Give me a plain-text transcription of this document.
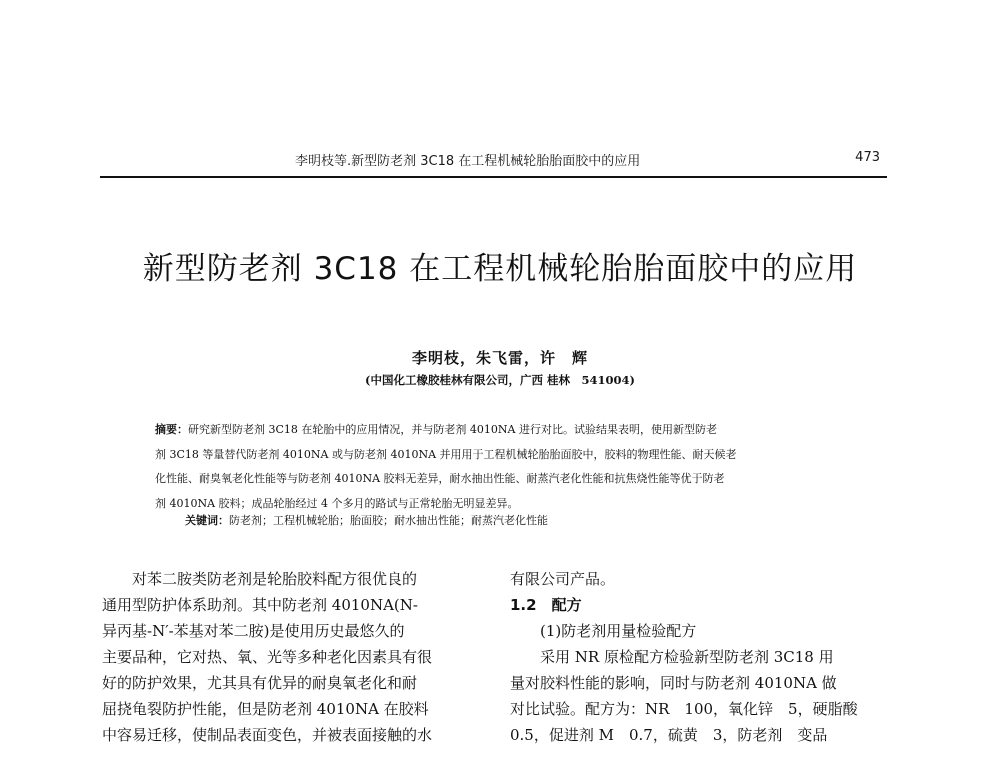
李明枝等.新型防老剂 3C18 在工程机械轮胎胎面胶中的应用	473
新型防老剂 3C18 在工程机械轮胎胎面胶中的应用
李明枝，朱飞雷，许　辉
(中国化工橡胶桂林有限公司，广西 桂林　541004)
摘要：研究新型防老剂 3C18 在轮胎中的应用情况，并与防老剂 4010NA 进行对比。试验结果表明，使用新型防老
剂 3C18 等量替代防老剂 4010NA 或与防老剂 4010NA 并用用于工程机械轮胎胎面胶中，胶料的物理性能、耐天候老
化性能、耐臭氧老化性能等与防老剂 4010NA 胶料无差异，耐水抽出性能、耐蒸汽老化性能和抗焦烧性能等优于防老
剂 4010NA 胶料；成品轮胎经过 4 个多月的路试与正常轮胎无明显差异。
关键词：防老剂；工程机械轮胎；胎面胶；耐水抽出性能；耐蒸汽老化性能
对苯二胺类防老剂是轮胎胶料配方很优良的
通用型防护体系助剂。其中防老剂 4010NA(N-
异丙基-N′-苯基对苯二胺)是使用历史最悠久的
主要品种，它对热、氧、光等多种老化因素具有很
好的防护效果，尤其具有优异的耐臭氧老化和耐
屈挠龟裂防护性能，但是防老剂 4010NA 在胶料
中容易迁移，使制品表面变色，并被表面接触的水
有限公司产品。
1.2　配方
(1)防老剂用量检验配方
采用 NR 原检配方检验新型防老剂 3C18 用
量对胶料性能的影响，同时与防老剂 4010NA 做
对比试验。配方为：NR　100，氧化锌　5，硬脂酸
0.5，促进剂 M　0.7，硫黄　3，防老剂　变品
